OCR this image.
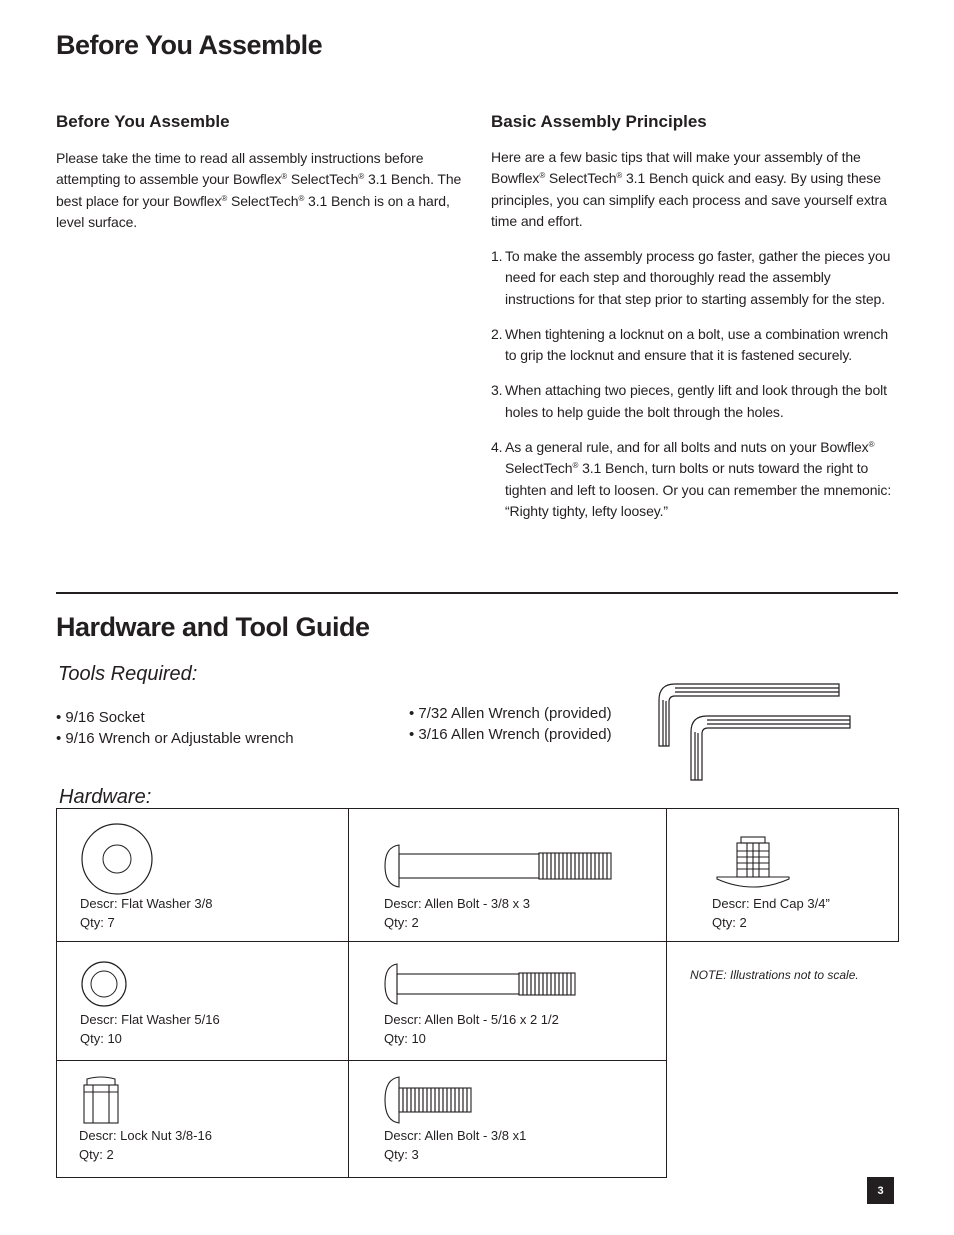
Before You Assemble
Before You Assemble
Please take the time to read all assembly instructions before attempting to assemble your Bowflex® SelectTech® 3.1 Bench. The best place for your Bowflex® SelectTech® 3.1 Bench is on a hard, level surface.
Basic Assembly Principles
Here are a few basic tips that will make your assembly of the Bowflex® SelectTech® 3.1 Bench quick and easy. By using these principles, you can simplify each process and save yourself extra time and effort.
1. To make the assembly process go faster, gather the pieces you need for each step and thoroughly read the assembly instructions for that step prior to starting assembly for the step.
2. When tightening a locknut on a bolt, use a combination wrench to grip the locknut and ensure that it is fastened securely.
3. When attaching two pieces, gently lift and look through the bolt holes to help guide the bolt through the holes.
4. As a general rule, and for all bolts and nuts on your Bowflex® SelectTech® 3.1 Bench, turn bolts or nuts toward the right to tighten and left to loosen. Or you can remember the mnemonic: “Righty tighty, lefty loosey.”
Hardware and Tool Guide
Tools Required:
• 9/16 Socket
• 9/16 Wrench or Adjustable wrench
• 7/32 Allen Wrench (provided)
• 3/16 Allen Wrench (provided)
Hardware:
Descr: Flat Washer 3/8
Qty: 7
Descr: Allen Bolt - 3/8 x 3
Qty: 2
Descr: End Cap 3/4”
Qty: 2
Descr: Flat Washer 5/16
Qty: 10
Descr: Allen Bolt - 5/16 x 2 1/2
Qty: 10
NOTE: Illustrations not to scale.
Descr: Lock Nut 3/8-16
Qty: 2
Descr: Allen Bolt - 3/8 x1
Qty: 3
3
